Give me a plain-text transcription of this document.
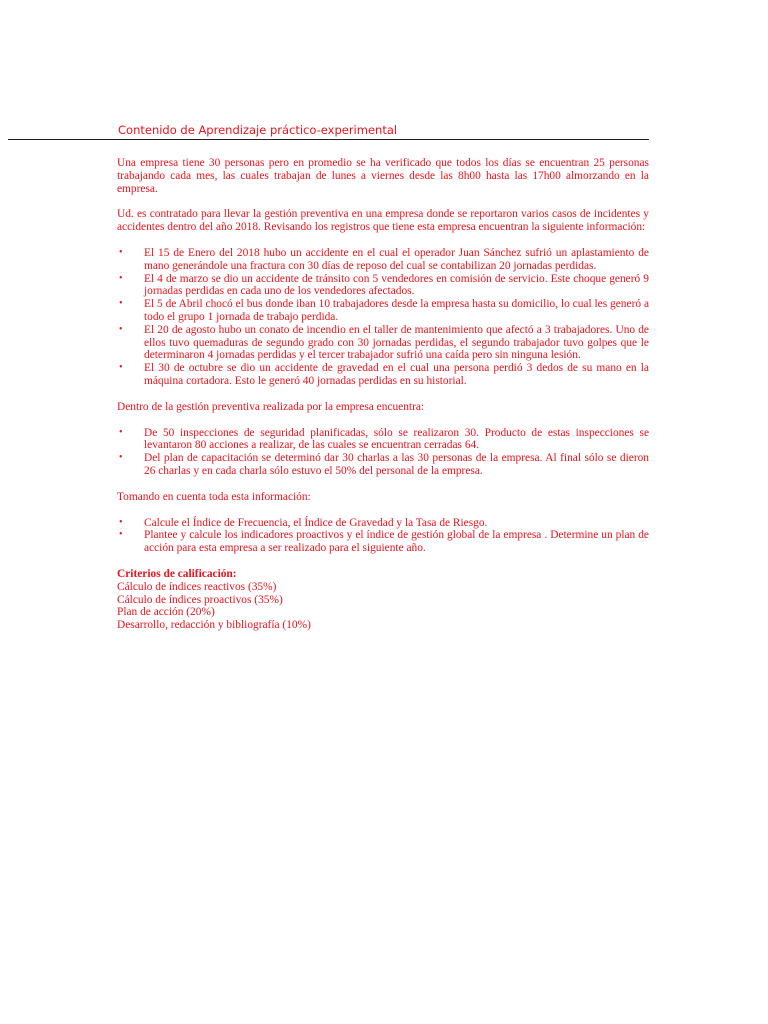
Contenido de Aprendizaje práctico-experimental

Una empresa tiene 30 personas pero en promedio se ha verificado que todos los días se encuentran 25 personas trabajando cada mes, las cuales trabajan de lunes a viernes desde las 8h00 hasta las 17h00 almorzando en la empresa.

Ud. es contratado para llevar la gestión preventiva en una empresa donde se reportaron varios casos de incidentes y accidentes dentro del año 2018. Revisando los registros que tiene esta empresa encuentran la siguiente información:

• El 15 de Enero del 2018 hubo un accidente en el cual el operador Juan Sánchez sufrió un aplastamiento de mano generándole una fractura con 30 días de reposo del cual se contabilizan 20 jornadas perdidas.
• El 4 de marzo se dio un accidente de tránsito con 5 vendedores en comisión de servicio. Este choque generó 9 jornadas perdidas en cada uno de los vendedores afectados.
• El 5 de Abril chocó el bus donde iban 10 trabajadores desde la empresa hasta su domicilio, lo cual les generó a todo el grupo 1 jornada de trabajo perdida.
• El 20 de agosto hubo un conato de incendio en el taller de mantenimiento que afectó a 3 trabajadores. Uno de ellos tuvo quemaduras de segundo grado con 30 jornadas perdidas, el segundo trabajador tuvo golpes que le determinaron 4 jornadas perdidas y el tercer trabajador sufrió una caída pero sin ninguna lesión.
• El 30 de octubre se dio un accidente de gravedad en el cual una persona perdió 3 dedos de su mano en la máquina cortadora. Esto le generó 40 jornadas perdidas en su historial.

Dentro de la gestión preventiva realizada por la empresa encuentra:

• De 50 inspecciones de seguridad planificadas, sólo se realizaron 30. Producto de estas inspecciones se levantaron 80 acciones a realizar, de las cuales se encuentran cerradas 64.
• Del plan de capacitación se determinó dar 30 charlas a las 30 personas de la empresa. Al final sólo se dieron 26 charlas y en cada charla sólo estuvo el 50% del personal de la empresa.

Tomando en cuenta toda esta información:

• Calcule el Índice de Frecuencia, el Índice de Gravedad y la Tasa de Riesgo.
• Plantee y calcule los indicadores proactivos y el índice de gestión global de la empresa . Determine un plan de acción para esta empresa a ser realizado para el siguiente año.
Criterios de calificación:
Cálculo de índices reactivos (35%)
Cálculo de índices proactivos (35%)
Plan de acción (20%)
Desarrollo, redacción y bibliografía (10%)
